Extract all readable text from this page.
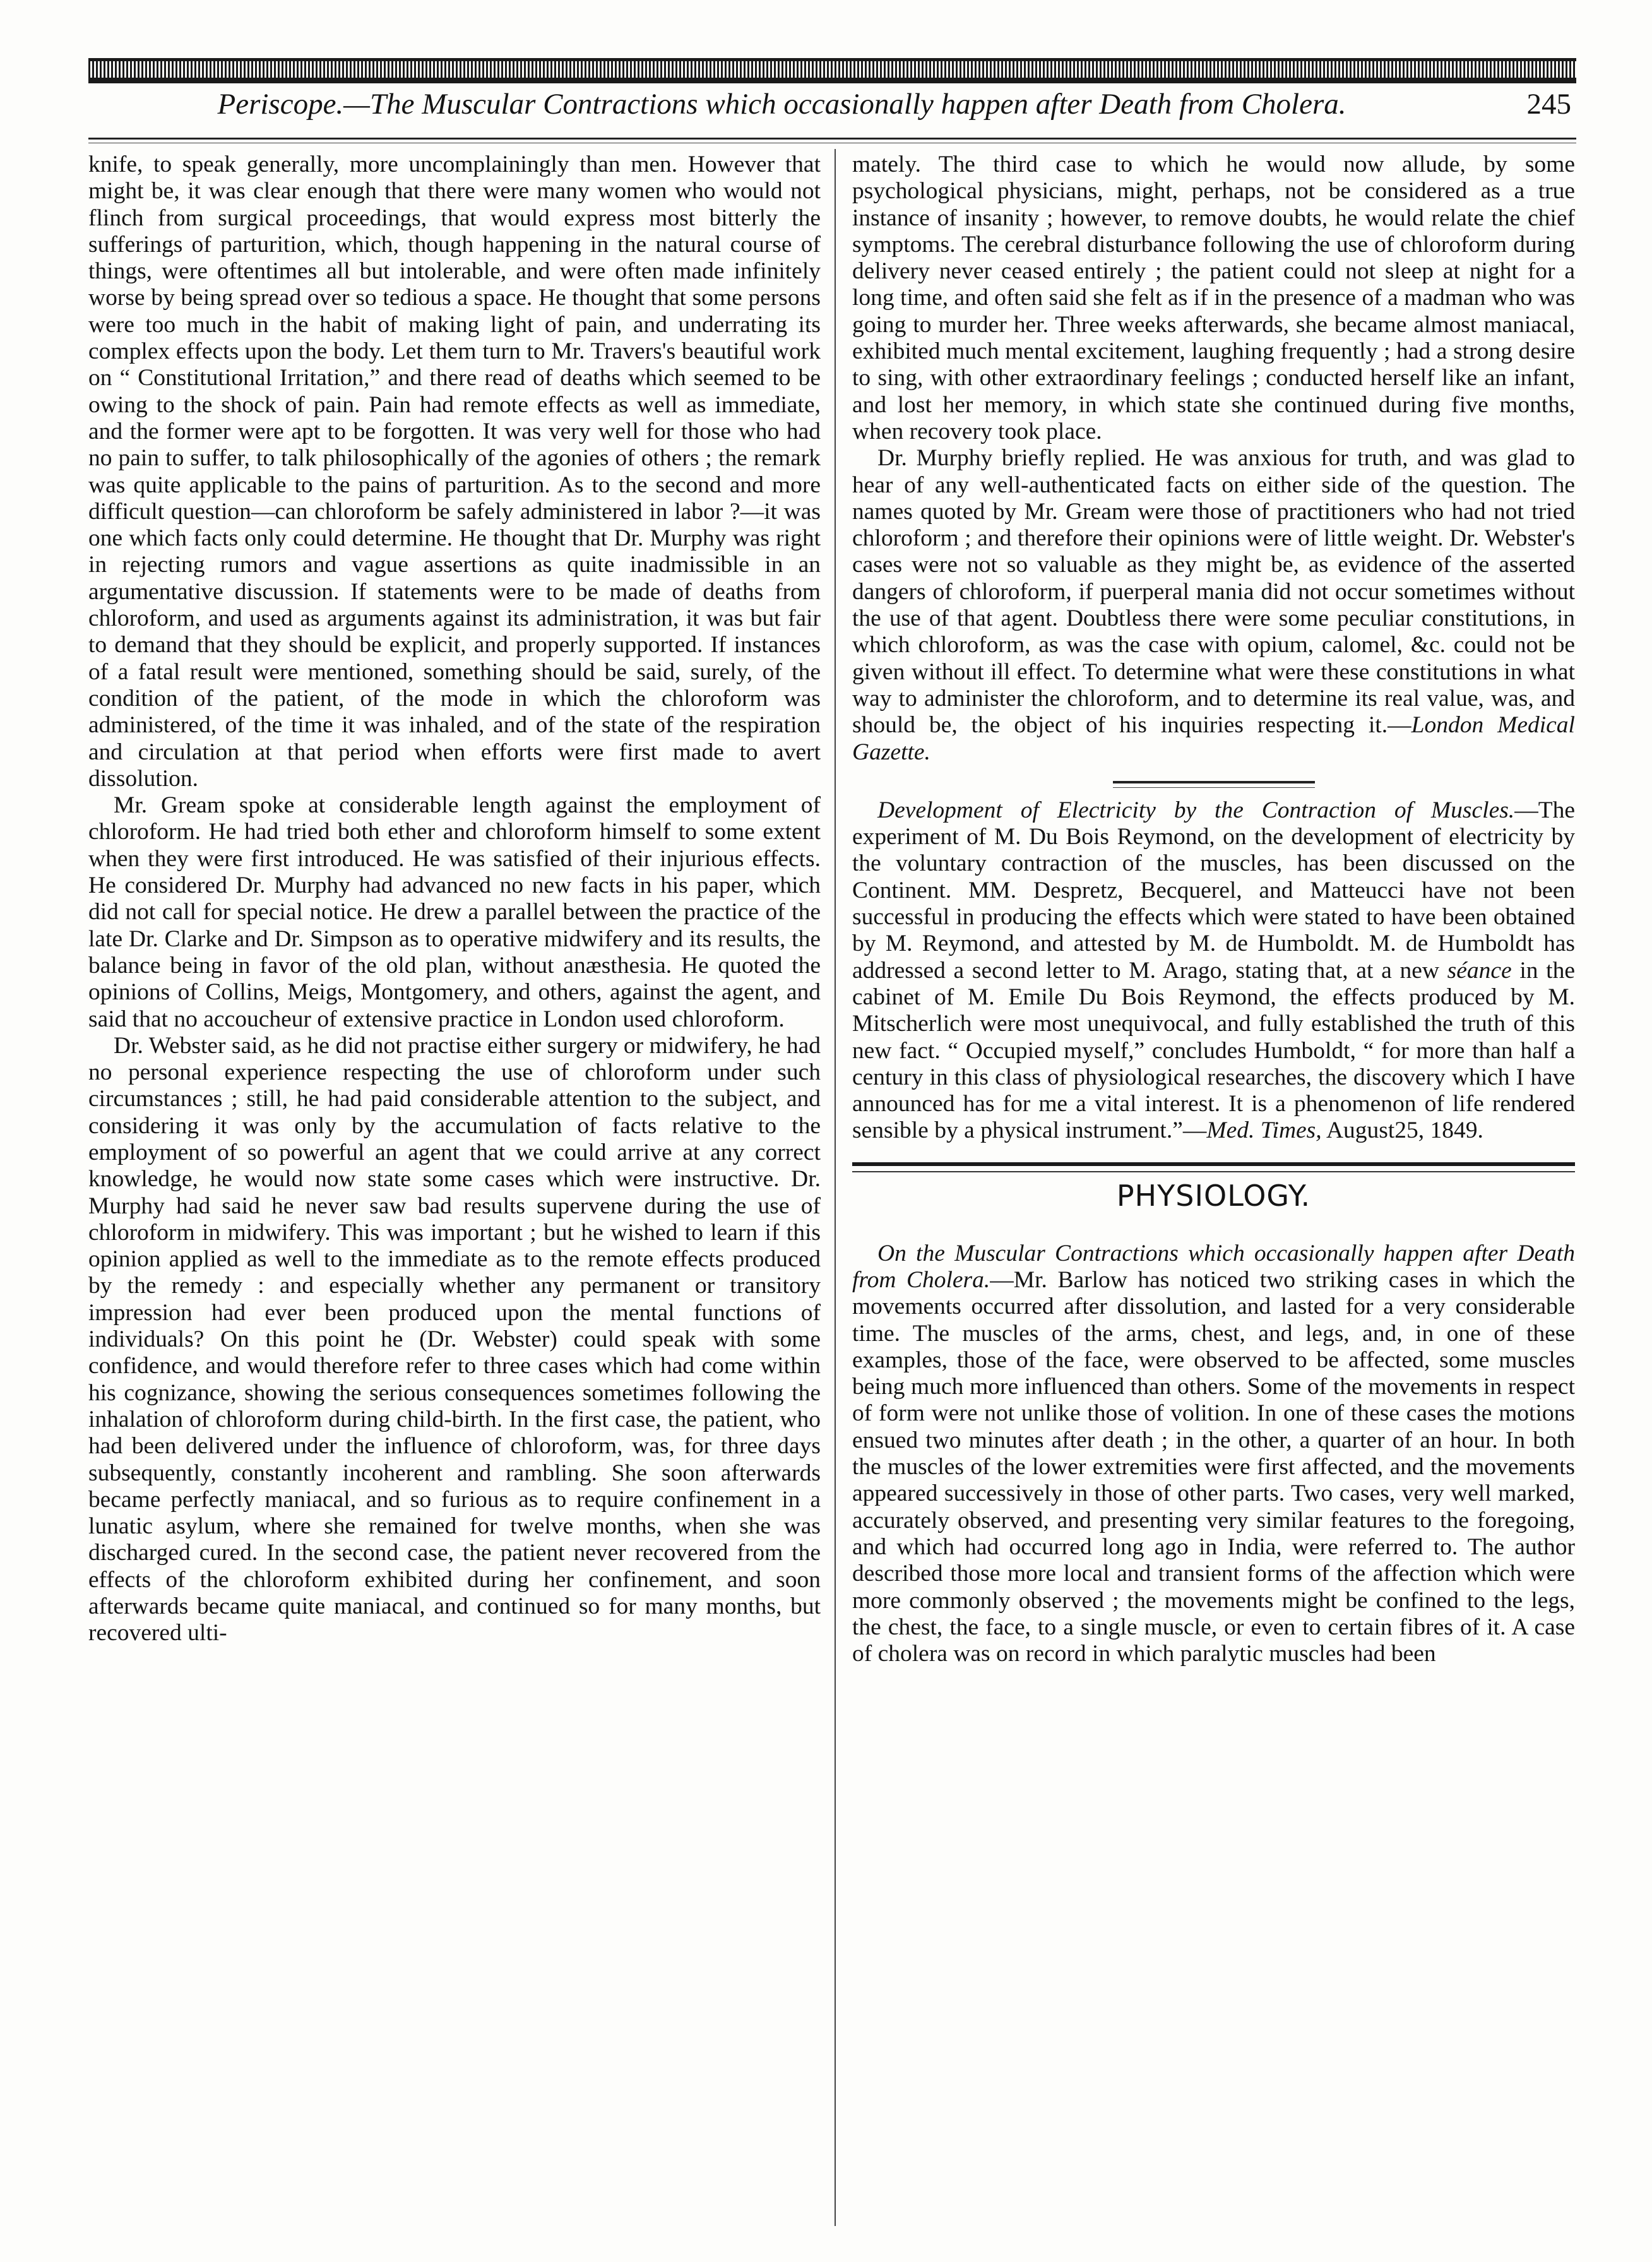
Periscope.—The Muscular Contractions which occasionally happen after Death from Cholera.	245

knife, to speak generally, more uncomplainingly than men. However that might be, it was clear enough that there were many women who would not flinch from surgical proceedings, that would express most bitterly the sufferings of parturition, which, though happening in the natural course of things, were oftentimes all but intolerable, and were often made infinitely worse by being spread over so tedious a space. He thought that some persons were too much in the habit of making light of pain, and underrating its complex effects upon the body. Let them turn to Mr. Travers's beautiful work on “ Constitutional Irritation,” and there read of deaths which seemed to be owing to the shock of pain. Pain had remote effects as well as immediate, and the former were apt to be forgotten. It was very well for those who had no pain to suffer, to talk philosophically of the agonies of others ; the remark was quite applicable to the pains of parturition. As to the second and more difficult question—can chloroform be safely administered in labor ?—it was one which facts only could determine. He thought that Dr. Murphy was right in rejecting rumors and vague assertions as quite inadmissible in an argumentative discussion. If statements were to be made of deaths from chloroform, and used as arguments against its administration, it was but fair to demand that they should be explicit, and properly supported. If instances of a fatal result were mentioned, something should be said, surely, of the condition of the patient, of the mode in which the chloroform was administered, of the time it was inhaled, and of the state of the respiration and circulation at that period when efforts were first made to avert dissolution.

Mr. Gream spoke at considerable length against the employment of chloroform. He had tried both ether and chloroform himself to some extent when they were first introduced. He was satisfied of their injurious effects. He considered Dr. Murphy had advanced no new facts in his paper, which did not call for special notice. He drew a parallel between the practice of the late Dr. Clarke and Dr. Simpson as to operative midwifery and its results, the balance being in favor of the old plan, without anæsthesia. He quoted the opinions of Collins, Meigs, Montgomery, and others, against the agent, and said that no accoucheur of extensive practice in London used chloroform.

Dr. Webster said, as he did not practise either surgery or midwifery, he had no personal experience respecting the use of chloroform under such circumstances ; still, he had paid considerable attention to the subject, and considering it was only by the accumulation of facts relative to the employment of so powerful an agent that we could arrive at any correct knowledge, he would now state some cases which were instructive. Dr. Murphy had said he never saw bad results supervene during the use of chloroform in midwifery. This was important ; but he wished to learn if this opinion applied as well to the immediate as to the remote effects produced by the remedy : and especially whether any permanent or transitory impression had ever been produced upon the mental functions of individuals? On this point he (Dr. Webster) could speak with some confidence, and would therefore refer to three cases which had come within his cognizance, showing the serious consequences sometimes following the inhalation of chloroform during child-birth. In the first case, the patient, who had been delivered under the influence of chloroform, was, for three days subsequently, constantly incoherent and rambling. She soon afterwards became perfectly maniacal, and so furious as to require confinement in a lunatic asylum, where she remained for twelve months, when she was discharged cured. In the second case, the patient never recovered from the effects of the chloroform exhibited during her confinement, and soon afterwards became quite maniacal, and continued so for many months, but recovered ulti-

mately. The third case to which he would now allude, by some psychological physicians, might, perhaps, not be considered as a true instance of insanity ; however, to remove doubts, he would relate the chief symptoms. The cerebral disturbance following the use of chloroform during delivery never ceased entirely ; the patient could not sleep at night for a long time, and often said she felt as if in the presence of a madman who was going to murder her. Three weeks afterwards, she became almost maniacal, exhibited much mental excitement, laughing frequently ; had a strong desire to sing, with other extraordinary feelings ; conducted herself like an infant, and lost her memory, in which state she continued during five months, when recovery took place.

Dr. Murphy briefly replied. He was anxious for truth, and was glad to hear of any well-authenticated facts on either side of the question. The names quoted by Mr. Gream were those of practitioners who had not tried chloroform ; and therefore their opinions were of little weight. Dr. Webster's cases were not so valuable as they might be, as evidence of the asserted dangers of chloroform, if puerperal mania did not occur sometimes without the use of that agent. Doubtless there were some peculiar constitutions, in which chloroform, as was the case with opium, calomel, &c. could not be given without ill effect. To determine what were these constitutions in what way to administer the chloroform, and to determine its real value, was, and should be, the object of his inquiries respecting it.—London Medical Gazette.

Development of Electricity by the Contraction of Muscles.—The experiment of M. Du Bois Reymond, on the development of electricity by the voluntary contraction of the muscles, has been discussed on the Continent. MM. Despretz, Becquerel, and Matteucci have not been successful in producing the effects which were stated to have been obtained by M. Reymond, and attested by M. de Humboldt. M. de Humboldt has addressed a second letter to M. Arago, stating that, at a new séance in the cabinet of M. Emile Du Bois Reymond, the effects produced by M. Mitscherlich were most unequivocal, and fully established the truth of this new fact. “ Occupied myself,” concludes Humboldt, “ for more than half a century in this class of physiological researches, the discovery which I have announced has for me a vital interest. It is a phenomenon of life rendered sensible by a physical instrument.”—Med. Times, August25, 1849.

PHYSIOLOGY.

On the Muscular Contractions which occasionally happen after Death from Cholera.—Mr. Barlow has noticed two striking cases in which the movements occurred after dissolution, and lasted for a very considerable time. The muscles of the arms, chest, and legs, and, in one of these examples, those of the face, were observed to be affected, some muscles being much more influenced than others. Some of the movements in respect of form were not unlike those of volition. In one of these cases the motions ensued two minutes after death ; in the other, a quarter of an hour. In both the muscles of the lower extremities were first affected, and the movements appeared successively in those of other parts. Two cases, very well marked, accurately observed, and presenting very similar features to the foregoing, and which had occurred long ago in India, were referred to. The author described those more local and transient forms of the affection which were more commonly observed ; the movements might be confined to the legs, the chest, the face, to a single muscle, or even to certain fibres of it. A case of cholera was on record in which paralytic muscles had been
